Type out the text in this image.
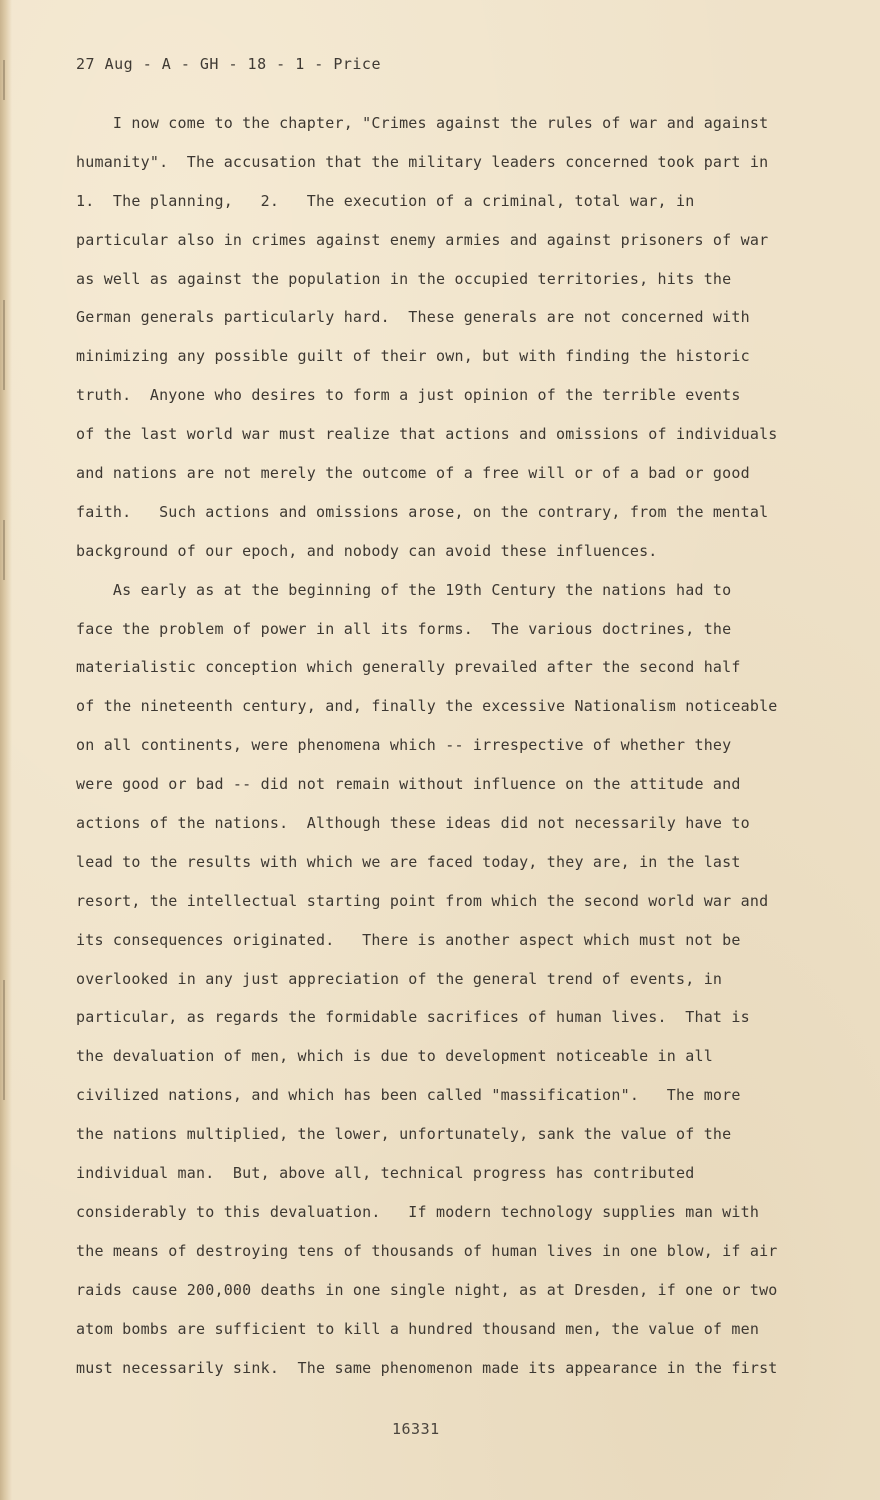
27 Aug - A - GH - 18 - 1 - Price
I now come to the chapter, "Crimes against the rules of war and against
humanity".  The accusation that the military leaders concerned took part in
1.  The planning,   2.   The execution of a criminal, total war, in
particular also in crimes against enemy armies and against prisoners of war
as well as against the population in the occupied territories, hits the
German generals particularly hard.  These generals are not concerned with
minimizing any possible guilt of their own, but with finding the historic
truth.  Anyone who desires to form a just opinion of the terrible events
of the last world war must realize that actions and omissions of individuals
and nations are not merely the outcome of a free will or of a bad or good
faith.   Such actions and omissions arose, on the contrary, from the mental
background of our epoch, and nobody can avoid these influences.
As early as at the beginning of the 19th Century the nations had to
face the problem of power in all its forms.  The various doctrines, the
materialistic conception which generally prevailed after the second half
of the nineteenth century, and, finally the excessive Nationalism noticeable
on all continents, were phenomena which -- irrespective of whether they
were good or bad -- did not remain without influence on the attitude and
actions of the nations.  Although these ideas did not necessarily have to
lead to the results with which we are faced today, they are, in the last
resort, the intellectual starting point from which the second world war and
its consequences originated.   There is another aspect which must not be
overlooked in any just appreciation of the general trend of events, in
particular, as regards the formidable sacrifices of human lives.  That is
the devaluation of men, which is due to development noticeable in all
civilized nations, and which has been called "massification".   The more
the nations multiplied, the lower, unfortunately, sank the value of the
individual man.  But, above all, technical progress has contributed
considerably to this devaluation.   If modern technology supplies man with
the means of destroying tens of thousands of human lives in one blow, if air
raids cause 200,000 deaths in one single night, as at Dresden, if one or two
atom bombs are sufficient to kill a hundred thousand men, the value of men
must necessarily sink.  The same phenomenon made its appearance in the first
16331
